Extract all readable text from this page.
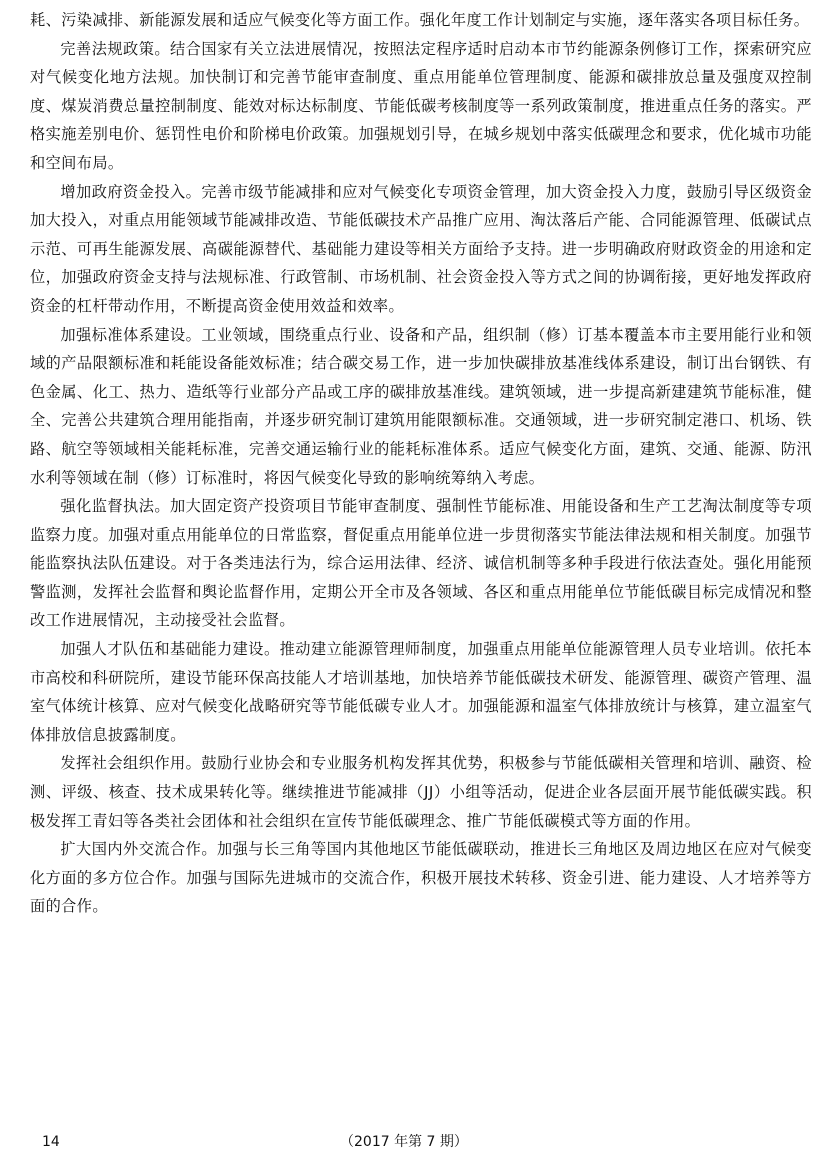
耗、污染减排、新能源发展和适应气候变化等方面工作。强化年度工作计划制定与实施，逐年落实各项目标任务。

完善法规政策。结合国家有关立法进展情况，按照法定程序适时启动本市节约能源条例修订工作，探索研究应对气候变化地方法规。加快制订和完善节能审查制度、重点用能单位管理制度、能源和碳排放总量及强度双控制度、煤炭消费总量控制制度、能效对标达标制度、节能低碳考核制度等一系列政策制度，推进重点任务的落实。严格实施差别电价、惩罚性电价和阶梯电价政策。加强规划引导，在城乡规划中落实低碳理念和要求，优化城市功能和空间布局。

增加政府资金投入。完善市级节能减排和应对气候变化专项资金管理，加大资金投入力度，鼓励引导区级资金加大投入，对重点用能领域节能减排改造、节能低碳技术产品推广应用、淘汰落后产能、合同能源管理、低碳试点示范、可再生能源发展、高碳能源替代、基础能力建设等相关方面给予支持。进一步明确政府财政资金的用途和定位，加强政府资金支持与法规标准、行政管制、市场机制、社会资金投入等方式之间的协调衔接，更好地发挥政府资金的杠杆带动作用，不断提高资金使用效益和效率。

加强标准体系建设。工业领域，围绕重点行业、设备和产品，组织制（修）订基本覆盖本市主要用能行业和领域的产品限额标准和耗能设备能效标准；结合碳交易工作，进一步加快碳排放基准线体系建设，制订出台钢铁、有色金属、化工、热力、造纸等行业部分产品或工序的碳排放基准线。建筑领域，进一步提高新建建筑节能标准，健全、完善公共建筑合理用能指南，并逐步研究制订建筑用能限额标准。交通领域，进一步研究制定港口、机场、铁路、航空等领域相关能耗标准，完善交通运输行业的能耗标准体系。适应气候变化方面，建筑、交通、能源、防汛水利等领域在制（修）订标准时，将因气候变化导致的影响统筹纳入考虑。

强化监督执法。加大固定资产投资项目节能审查制度、强制性节能标准、用能设备和生产工艺淘汰制度等专项监察力度。加强对重点用能单位的日常监察，督促重点用能单位进一步贯彻落实节能法律法规和相关制度。加强节能监察执法队伍建设。对于各类违法行为，综合运用法律、经济、诚信机制等多种手段进行依法查处。强化用能预警监测，发挥社会监督和舆论监督作用，定期公开全市及各领域、各区和重点用能单位节能低碳目标完成情况和整改工作进展情况，主动接受社会监督。

加强人才队伍和基础能力建设。推动建立能源管理师制度，加强重点用能单位能源管理人员专业培训。依托本市高校和科研院所，建设节能环保高技能人才培训基地，加快培养节能低碳技术研发、能源管理、碳资产管理、温室气体统计核算、应对气候变化战略研究等节能低碳专业人才。加强能源和温室气体排放统计与核算，建立温室气体排放信息披露制度。

发挥社会组织作用。鼓励行业协会和专业服务机构发挥其优势，积极参与节能低碳相关管理和培训、融资、检测、评级、核查、技术成果转化等。继续推进节能减排（JJ）小组等活动，促进企业各层面开展节能低碳实践。积极发挥工青妇等各类社会团体和社会组织在宣传节能低碳理念、推广节能低碳模式等方面的作用。

扩大国内外交流合作。加强与长三角等国内其他地区节能低碳联动，推进长三角地区及周边地区在应对气候变化方面的多方位合作。加强与国际先进城市的交流合作，积极开展技术转移、资金引进、能力建设、人才培养等方面的合作。

14	（2017 年第 7 期）
